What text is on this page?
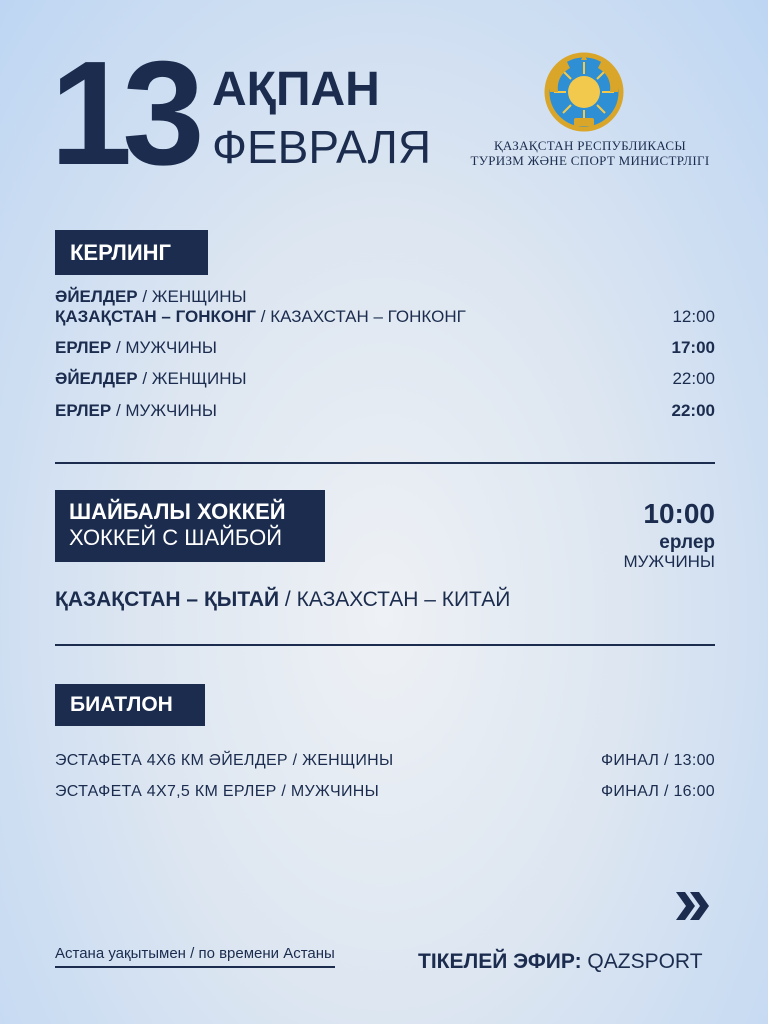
13 АҚПАН
ФЕВРАЛЯ	ҚАЗАҚСТАН РЕСПУБЛИКАСЫ
ТУРИЗМ ЖӘНЕ СПОРТ МИНИСТРЛІГІ
КЕРЛИНГ
ӘЙЕЛДЕР / ЖЕНЩИНЫ
ҚАЗАҚСТАН – ГОНКОНГ / КАЗАХСТАН – ГОНКОНГ	12:00
ЕРЛЕР / МУЖЧИНЫ	17:00
ӘЙЕЛДЕР / ЖЕНЩИНЫ	22:00
ЕРЛЕР / МУЖЧИНЫ	22:00
ШАЙБАЛЫ ХОККЕЙ
ХОККЕЙ С ШАЙБОЙ
10:00
ерлер
МУЖЧИНЫ
ҚАЗАҚСТАН – ҚЫТАЙ / КАЗАХСТАН – КИТАЙ
БИАТЛОН
ЭСТАФЕТА 4Х6 КМ ӘЙЕЛДЕР / ЖЕНЩИНЫ	ФИНАЛ / 13:00
ЭСТАФЕТА 4Х7,5 КМ ЕРЛЕР / МУЖЧИНЫ	ФИНАЛ / 16:00
Астана уақытымен / по времени Астаны	ТІКЕЛЕЙ ЭФИР: QAZSPORT
